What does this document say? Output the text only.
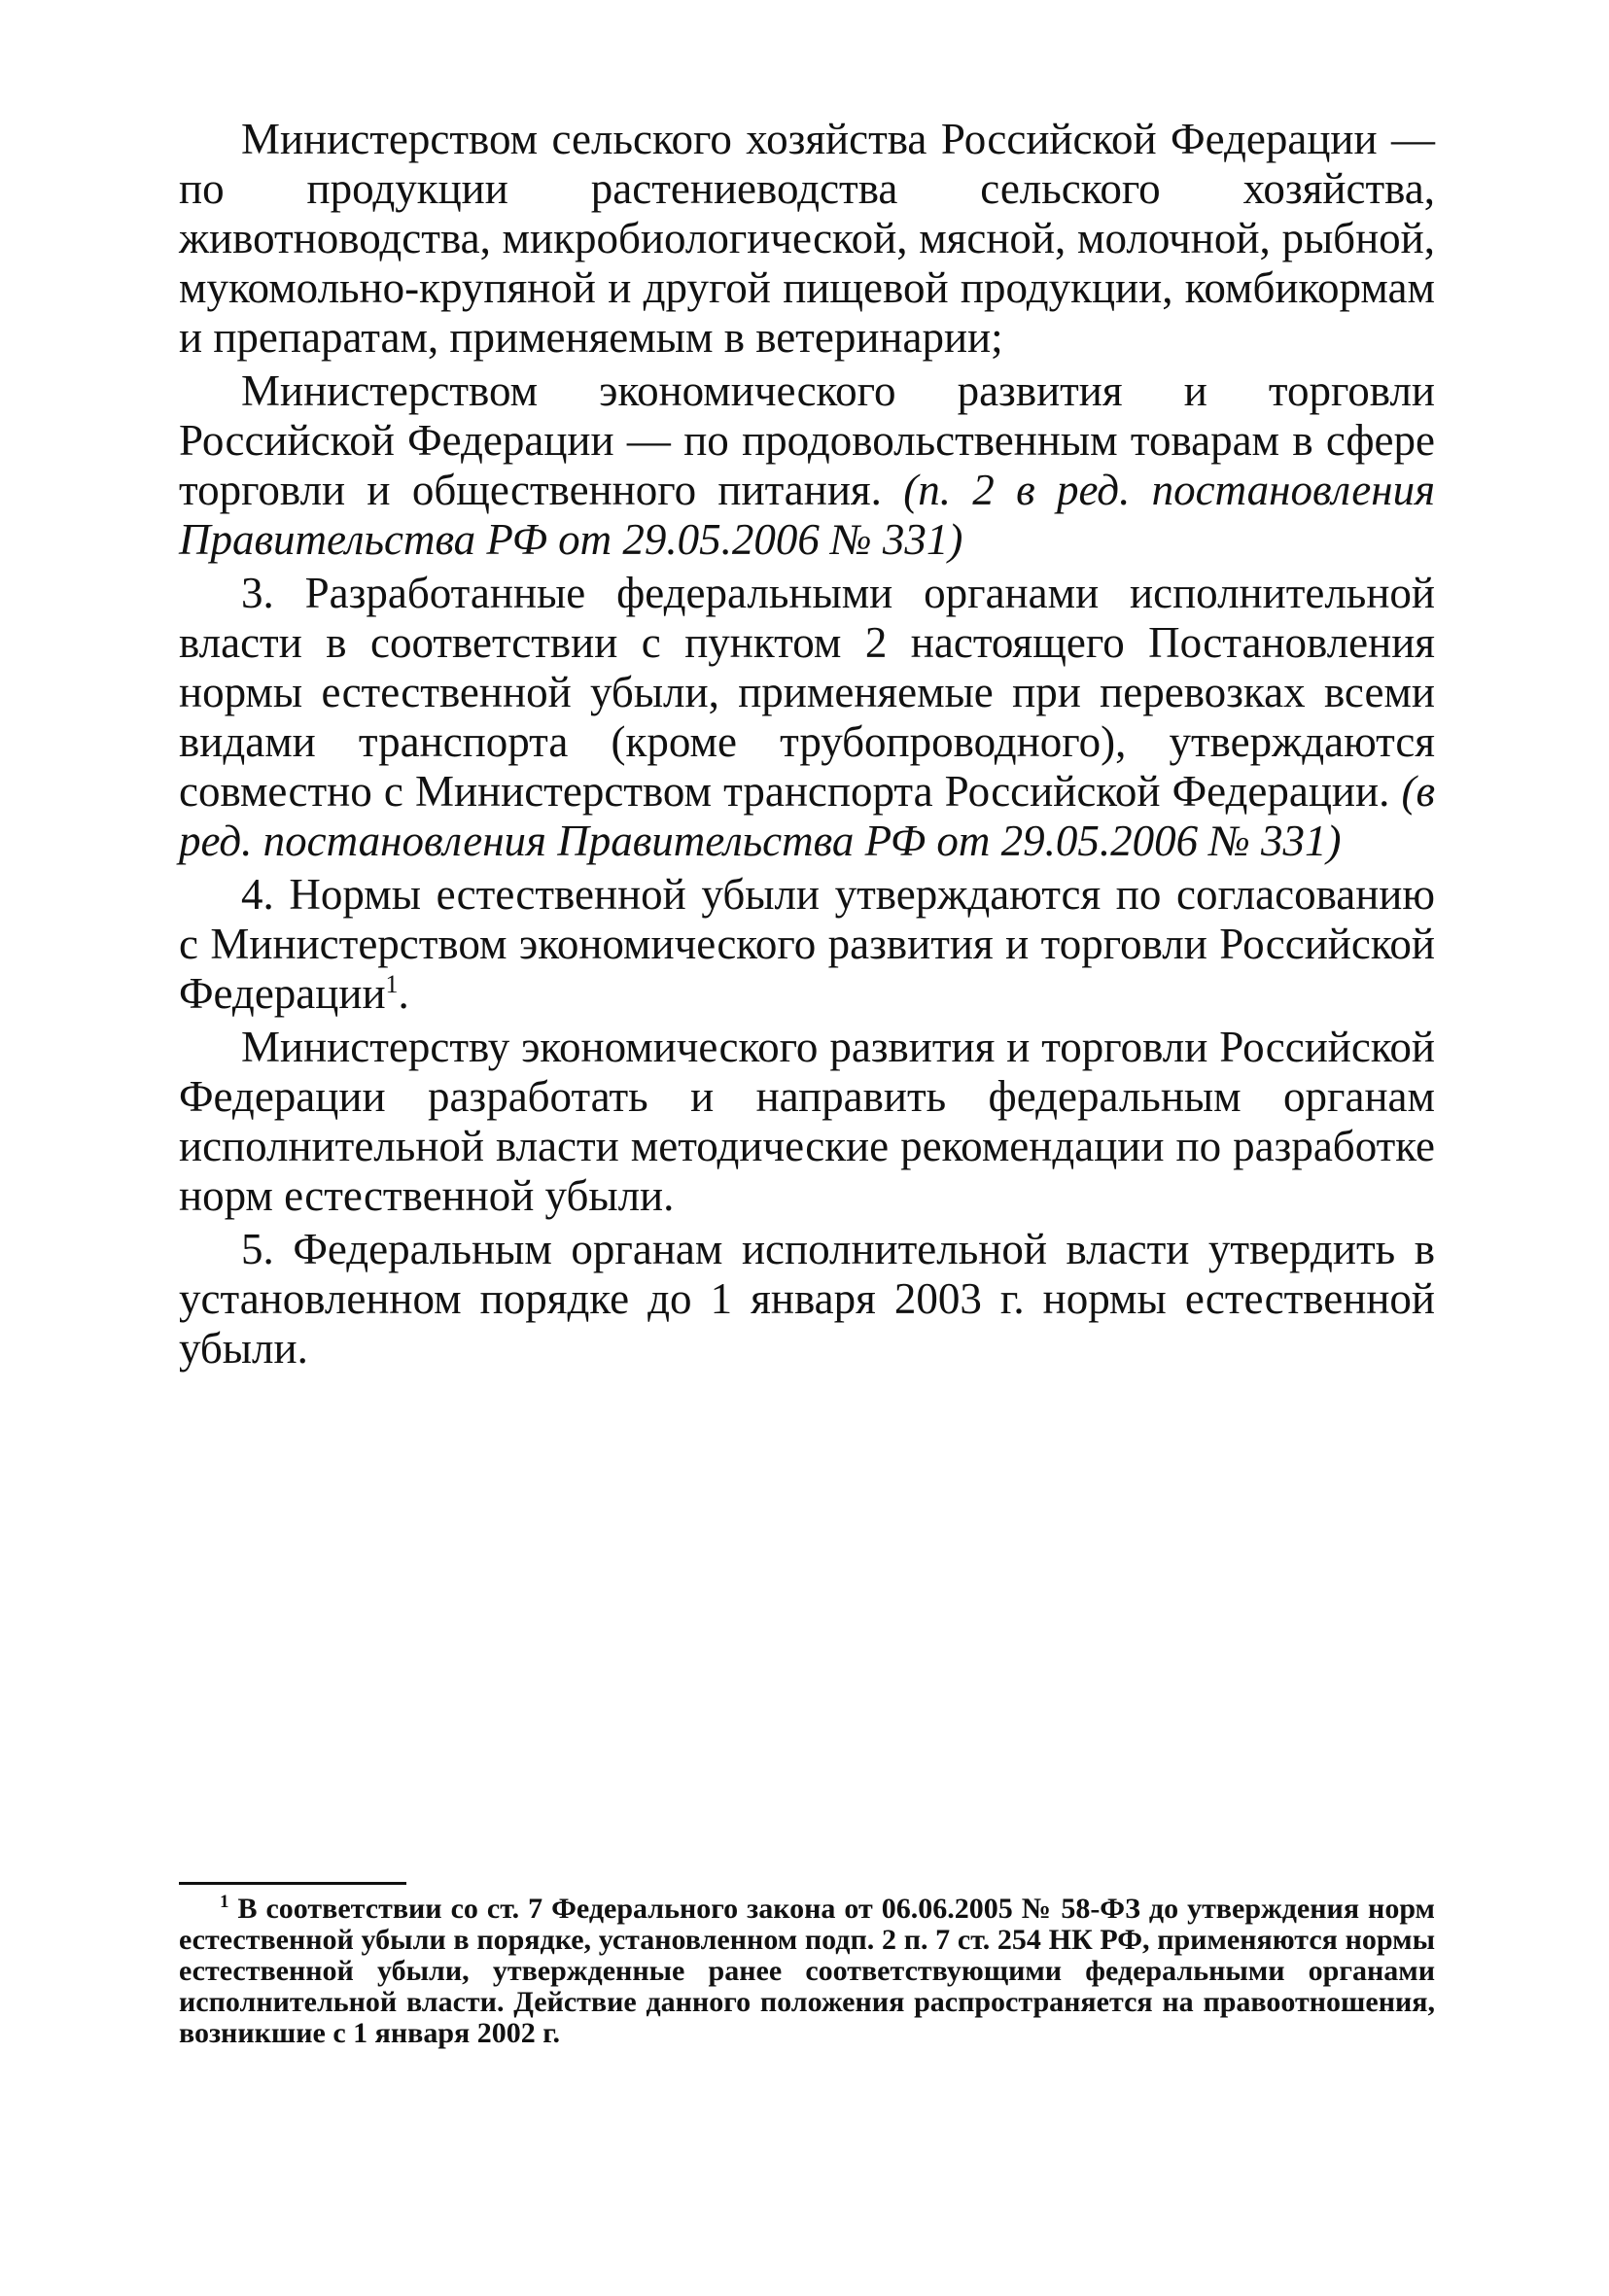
Министерством сельского хозяйства Российской Федерации — по продукции растениеводства сельского хозяйства, животноводства, микробиологической, мясной, молочной, рыбной, мукомольно-крупяной и другой пищевой продукции, комбикормам и препаратам, применяемым в ветеринарии;

Министерством экономического развития и торговли Российской Федерации — по продовольственным товарам в сфере торговли и общественного питания. (п. 2 в ред. постановления Правительства РФ от 29.05.2006 № 331)

3. Разработанные федеральными органами исполнительной власти в соответствии с пунктом 2 настоящего Постановления нормы естественной убыли, применяемые при перевозках всеми видами транспорта (кроме трубопроводного), утверждаются совместно с Министерством транспорта Российской Федерации. (в ред. постановления Правительства РФ от 29.05.2006 № 331)

4. Нормы естественной убыли утверждаются по согласованию с Министерством экономического развития и торговли Российской Федерации$^1$.

Министерству экономического развития и торговли Российской Федерации разработать и направить федеральным органам исполнительной власти методические рекомендации по разработке норм естественной убыли.

5. Федеральным органам исполнительной власти утвердить в установленном порядке до 1 января 2003 г. нормы естественной убыли.

$^1$ В соответствии со ст. 7 Федерального закона от 06.06.2005 № 58-ФЗ до утверждения норм естественной убыли в порядке, установленном подп. 2 п. 7 ст. 254 НК РФ, применяются нормы естественной убыли, утвержденные ранее соответствующими федеральными органами исполнительной власти. Действие данного положения распространяется на правоотношения, возникшие с 1 января 2002 г.
